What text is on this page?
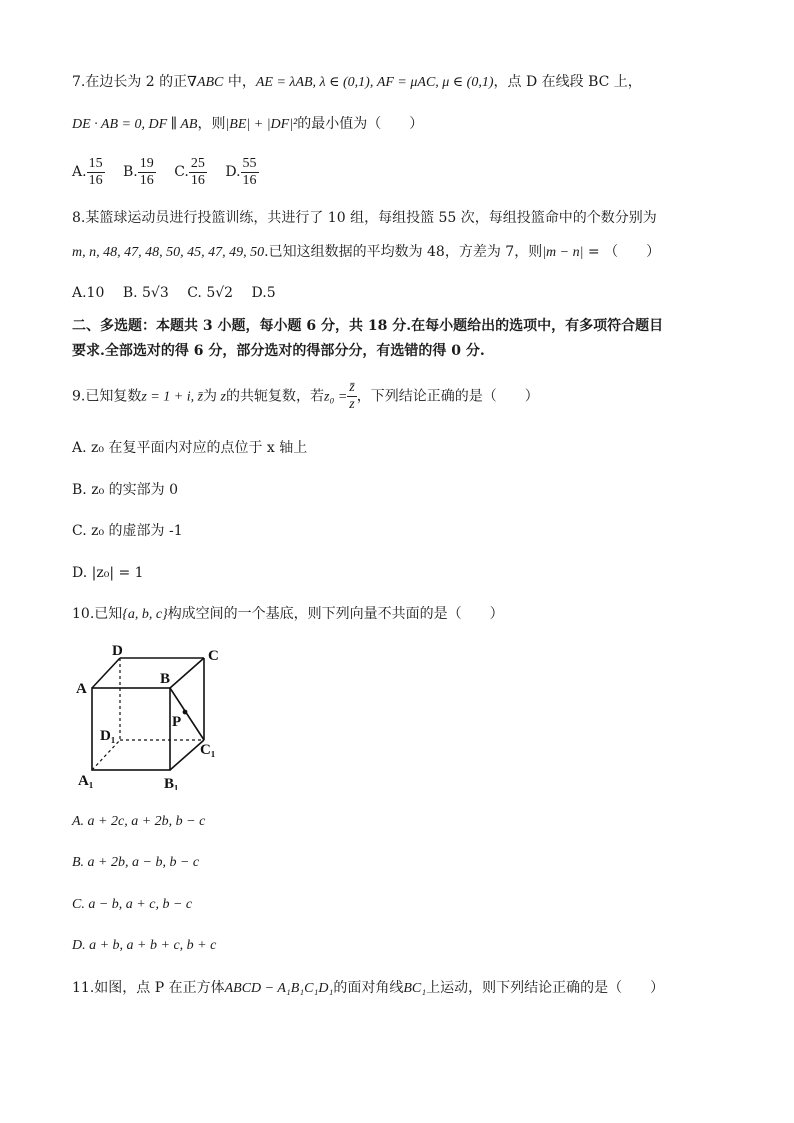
7.在边长为 2 的正∇ABC 中，AE = λAB, λ ∈ (0,1), AF = μAC, μ ∈ (0,1)，点 D 在线段 BC 上，
DE · AB = 0, DF ∥ AB，则|BE| + |DF|²的最小值为（　　）
A. $\frac{15}{16} B$. $\frac{19}{16} C$. $\frac{25}{16} D$. $\frac{55}{16}$
8.某篮球运动员进行投篮训练，共进行了 10 组，每组投篮 55 次，每组投篮命中的个数分别为
m, n, 48, 47, 48, 50, 45, 47, 49, 50.已知这组数据的平均数为 48，方差为 7，则|m − n| = （　　）
A.10 B. 5√3 C. 5√2 D.5
二、多选题：本题共 3 小题，每小题 6 分，共 18 分.在每小题给出的选项中，有多项符合题目
要求.全部选对的得 6 分，部分选对的得部分分，有选错的得 0 分.
9.已知复数z = 1 + i, z̄为 z的共轭复数，若$z_0 = \frac{z̄}{z}$ ，下列结论正确的是（　　）
A. z₀ 在复平面内对应的点位于 x 轴上
B. z₀ 的实部为 0
C. z₀ 的虚部为 -1
D. |z₀| = 1
10.已知{a, b, c}构成空间的一个基底，则下列向量不共面的是（　　）
D	C
A
B
P
D₁
C₁
A₁	B₁
A. a + 2c, a + 2b, b − c
B. a + 2b, a − b, b − c
C. a − b, a + c, b − c
D. a + b, a + b + c, b + c
11.如图，点 P 在正方体ABCD − A₁B₁C₁D₁的面对角线BC₁上运动，则下列结论正确的是（　　）
